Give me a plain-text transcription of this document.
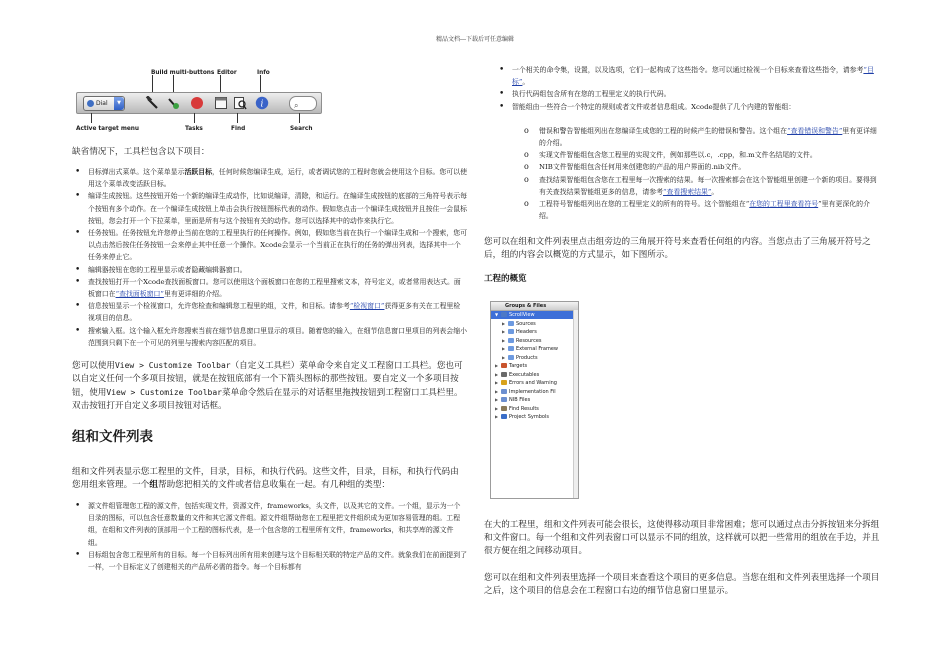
精品文档---下载后可任意编辑
Build multi-buttons Editor	Info
Dial	▼	i	⌕
Active target menu	Tasks	Find	Search

缺省情况下，工具栏包含以下项目：

• 目标弹出式菜单。这个菜单显示活跃目标，任何时候您编译生成，运行，或者调试您的工程时您就会使用这个目标。您可以使用这个菜单改变活跃目标。
• 编译生成按钮。这些按钮开始一个新的编译生成动作，比如说编译，清除，和运行。在编译生成按钮的底部的三角符号表示每个按钮有多个动作。在一个编译生成按钮上单击会执行按钮图标代表的动作。假如您点击一个编译生成按钮并且按住一会鼠标按钮，您会打开一个下拉菜单，里面是所有与这个按钮有关的动作。您可以选择其中的动作来执行它。
• 任务按钮。任务按钮允许您停止当前在您的工程里执行的任何操作。例如，假如您当前在执行一个编译生成和一个搜索，您可以点击然后按住任务按钮一会来停止其中任意一个操作。Xcode会显示一个当前正在执行的任务的弹出列表，选择其中一个任务来停止它。
• 编辑器按钮在您的工程里显示或者隐藏编辑器窗口。
• 查找按钮打开一个Xcode查找面板窗口。您可以使用这个面板窗口在您的工程里搜索文本，符号定义，或者常用表达式。面板窗口在“查找面板窗口”里有更详细的介绍。
• 信息按钮显示一个检视窗口，允许您检查和编辑您工程里的组，文件，和目标。请参考“检视窗口”获得更多有关在工程里检视项目的信息。
• 搜索输入框。这个输入框允许您搜索当前在细节信息窗口里显示的项目。随着您的输入，在细节信息窗口里项目的列表会缩小范围到只剩下在一个可见的列里与搜索内容匹配的项目。

您可以使用View > Customize Toolbar（自定义工具栏）菜单命令来自定义工程窗口工具栏。您也可以自定义任何一个多项目按钮，就是在按钮底部有一个下箭头图标的那些按钮。要自定义一个多项目按钮，使用View > Customize Toolbar菜单命令然后在显示的对话框里拖拽按钮到工程窗口工具栏里。双击按钮打开自定义多项目按钮对话框。

组和文件列表

组和文件列表显示您工程里的文件，目录，目标，和执行代码。这些文件，目录，目标，和执行代码由您用组来管理。一个组帮助您把相关的文件或者信息收集在一起。有几种组的类型：

• 源文件组管理您工程的源文件，包括实现文件，资源文件，frameworks，头文件，以及其它的文件。一个组，显示为一个目录的图标，可以包含任意数量的文件和其它源文件组。源文件组帮助您在工程里把文件组织成为更加容易管理的组。工程组，在组和文件列表的顶部用一个工程的图标代表，是一个包含您的工程里所有文件，frameworks，和共享库的源文件组。
• 目标组包含您工程里所有的目标。每一个目标列出所有用来创建与这个目标相关联的特定产品的文件。就象我们在前面提到了一样，一个目标定义了创建相关的产品所必需的指令。每一个目标都有
• 一个相关的命令集，设置，以及选项，它们一起构成了这些指令。您可以通过检视一个目标来查看这些指令，请参考“目标”。
• 执行代码组包含所有在您的工程里定义的执行代码。
• 智能组由一些符合一个特定的规则或者文件或者信息组成。Xcode提供了几个内建的智能组：
o 错误和警告智能组列出在您编译生成您的工程的时候产生的错误和警告。这个组在“查看错误和警告”里有更详细的介绍。
o 实现文件智能组包含您工程里的实现文件，例如那些以.c，.cpp，和.m文件名结尾的文件。
o NIB文件智能组包含任何用来创建您的产品的用户界面的.nib文件。
o 查找结果智能组包含您在工程里每一次搜索的结果。每一次搜索都会在这个智能组里创建一个新的项目。要得到有关查找结果智能组更多的信息，请参考“查看搜索结果”。
o 工程符号智能组列出在您的工程里定义的所有的符号。这个智能组在“在您的工程里查看符号”里有更深化的介绍。

您可以在组和文件列表里点击组旁边的三角展开符号来查看任何组的内容。当您点击了三角展开符号之后，组的内容会以概览的方式显示，如下图所示。

工程的概览
Groups & Files
▼ ScrollView
▶ Sources
▶ Headers
▶ Resources
▶ External Framew
▶ Products
▶ Targets
▶ Executables
▶ Errors and Warning
▶ Implementation Fil
▶ NIB Files
▶ Find Results
▶ Project Symbols

在大的工程里，组和文件列表可能会很长，这使得移动项目非常困难；您可以通过点击分拆按钮来分拆组和文件窗口。每一个组和文件列表窗口可以显示不同的组放，这样就可以把一些常用的组放在手边，并且很方便在组之间移动项目。

您可以在组和文件列表里选择一个项目来查看这个项目的更多信息。当您在组和文件列表里选择一个项目之后，这个项目的信息会在工程窗口右边的细节信息窗口里显示。
